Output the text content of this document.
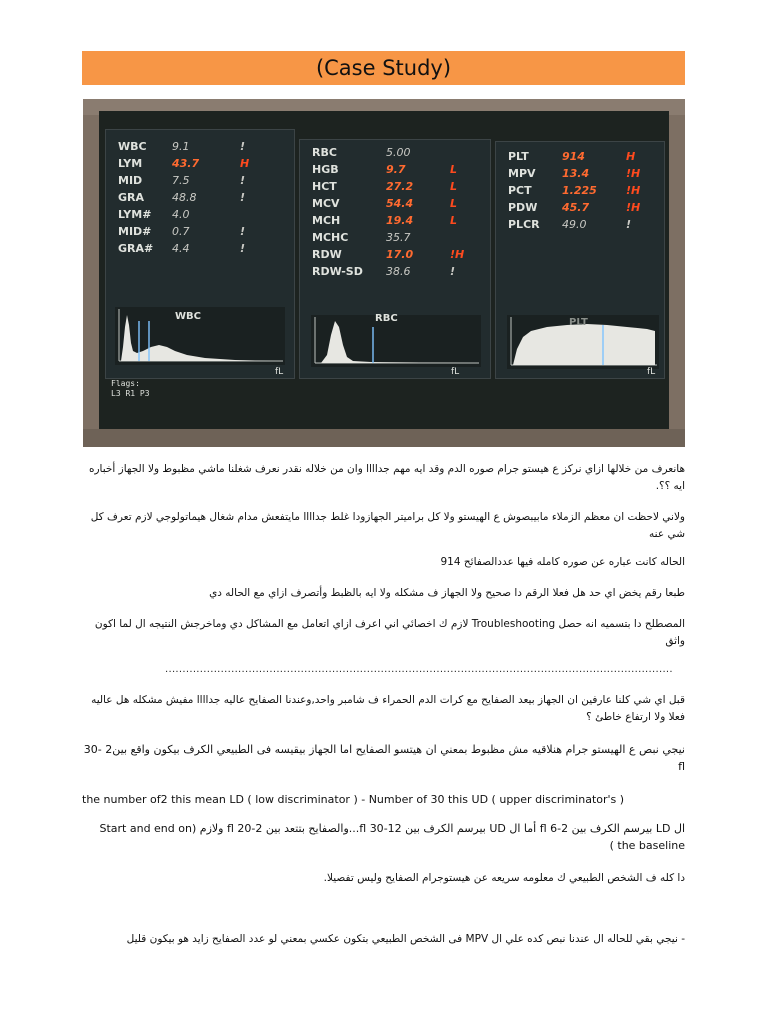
(Case Study)
WBC 9.1	!
LYM	43.7	H
MID	7.5	!
GRA	48.8	!
LYM# 4.0
MID# 0.7	!
GRA# 4.4	!
RBC	5.00
HGB	9.7	L
HCT	27.2	L
MCV	54.4	L
MCH	19.4	L
MCHC	35.7
RDW	17.0	!H
RDW-SD 38.6	!
PLT	914	H
MPV 13.4	!H
PCT	1.225	!H
PDW 45.7	!H
PLCR 49.0	!
WBC
fL
RBC
fL
PLT
fL
Flags:
L3 R1 P3
هانعرف من خلالها ازاي نركز ع هيستو جرام صوره الدم وقد ايه مهم جداااا وان من خلاله نقدر نعرف شغلنا ماشي مظبوط ولا الجهاز أخباره ايه ؟؟.
ولاني لاحظت ان معظم الزملاء مابيبصوش ع الهيستو ولا كل براميتر الجهازودا غلط جداااا مايتفعش مدام شغال هيماتولوجي لازم تعرف كل شي عنه
الحاله كانت عباره عن صوره كامله فيها عددالصفائح 914
طبعا رقم يخض اي حد هل فعلا الرقم دا صحيح ولا الجهاز ف مشكله ولا ايه بالظبط وأتصرف ازاي مع الحاله دي
المصطلح دا بتسميه انه حصل Troubleshooting لازم ك اخصائي اني اعرف ازاي اتعامل مع المشاكل دي وماخرجش النتيجه ال لما اكون واثق
..................................................................................................................................................
قبل اي شي كلنا عارفين ان الجهاز بيعد الصفايح مع كرات الدم الحمراء ف شامبر واحد,وعندنا الصفايح عاليه جداااا مفيش مشكله هل عاليه فعلا ولا ارتفاع خاطئ ؟
نيجي نبص ع الهيستو جرام هنلاقيه مش مظبوط بمعني ان هيتسو الصفايح اما الجهاز بيقيسه فى الطبيعي الكرف بيكون واقع بين2 -30 fl
the number of2 this mean LD ( low discriminator ) - Number of 30 this UD ( upper discriminator's )
ال LD بيرسم الكرف بين 2-6 fl أما ال UD بيرسم الكرف بين 12-30 fl...والصفايح بتتعد بين 2-20 fl ولازم (Start and end on the baseline )
دا كله ف الشخص الطبيعي ك معلومه سريعه عن هيستوجرام الصفايح وليس تفصيلا.
- نيجي بقي للحاله ال عندنا نبص كده علي ال MPV فى الشخص الطبيعي بتكون عكسي بمعني لو عدد الصفايح زايد هو بيكون قليل
